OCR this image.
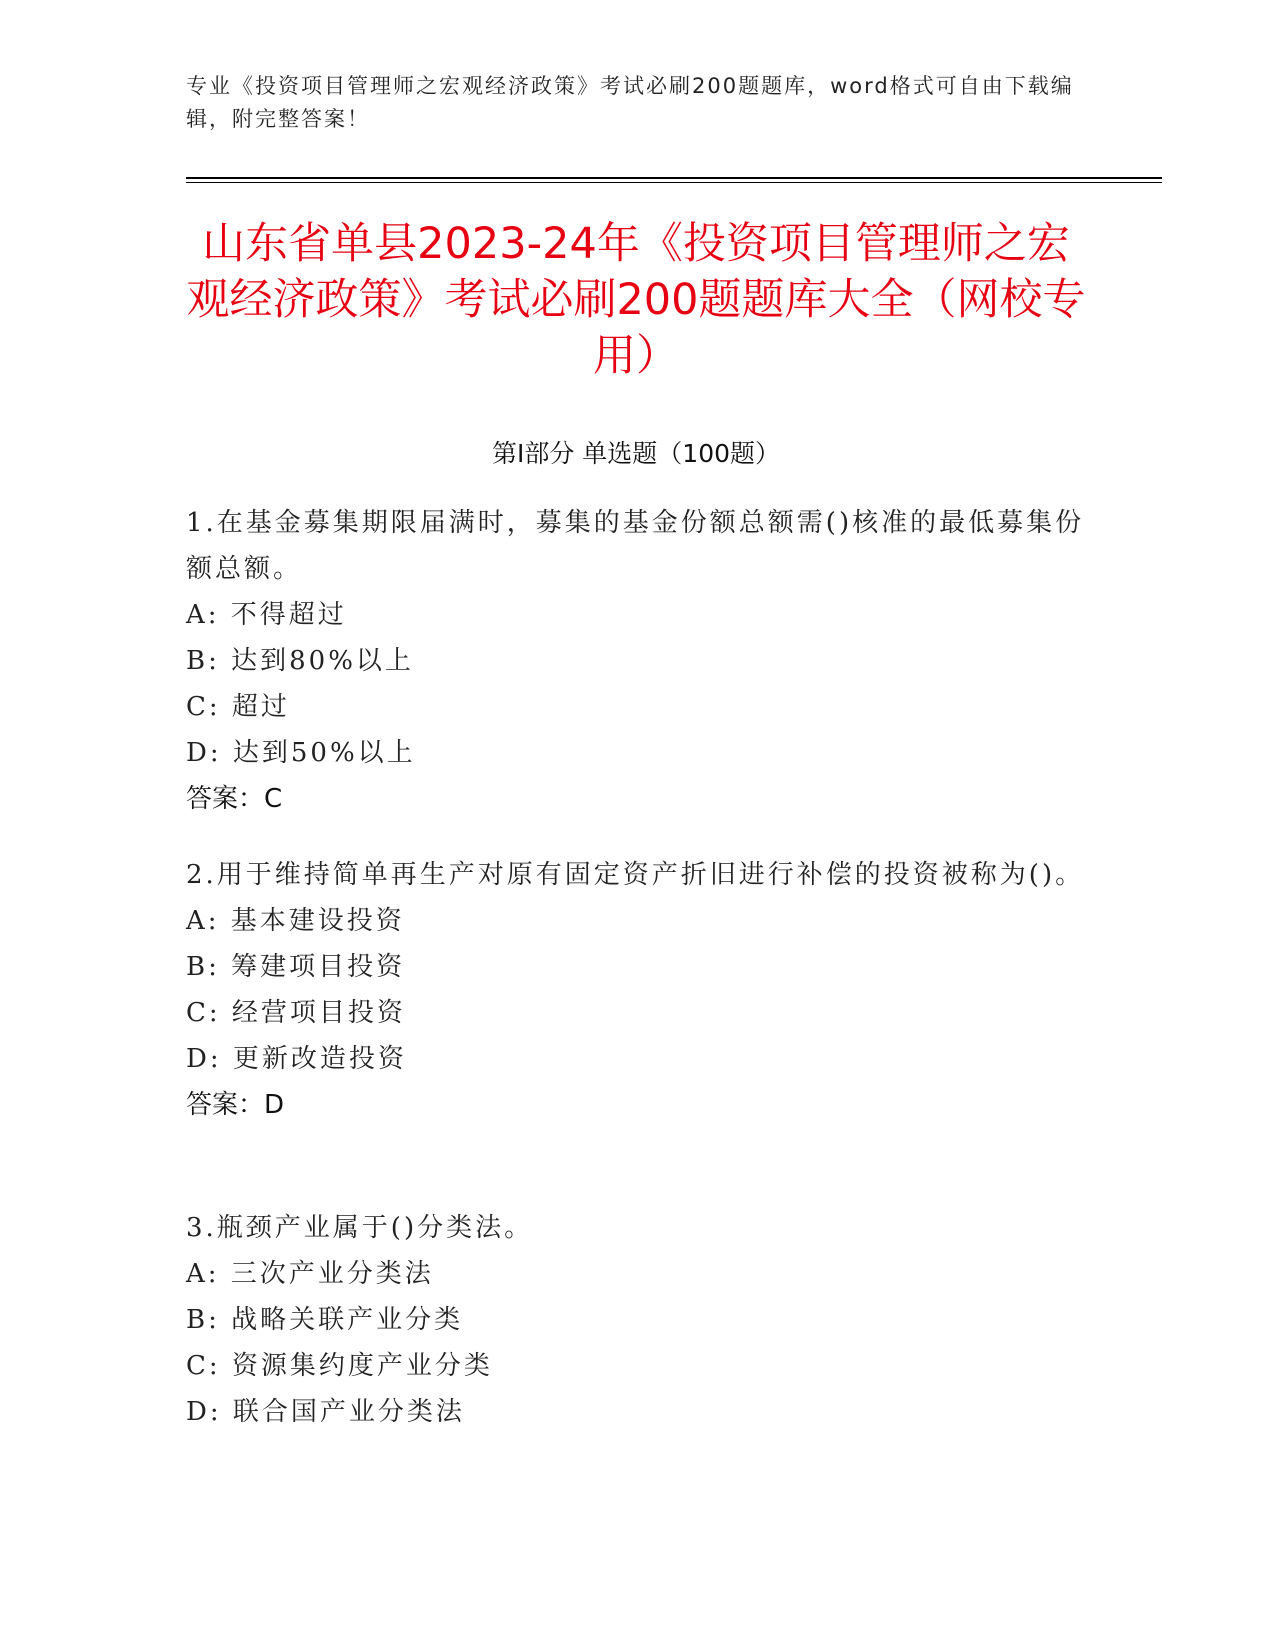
专业《投资项目管理师之宏观经济政策》考试必刷200题题库，word格式可自由下载编辑，附完整答案！
山东省单县2023-24年《投资项目管理师之宏观经济政策》考试必刷200题题库大全（网校专用）
第I部分 单选题（100题）
1.在基金募集期限届满时，募集的基金份额总额需()核准的最低募集份额总额。
A: 不得超过
B: 达到80%以上
C: 超过
D: 达到50%以上
答案：C
2.用于维持简单再生产对原有固定资产折旧进行补偿的投资被称为()。
A: 基本建设投资
B: 筹建项目投资
C: 经营项目投资
D: 更新改造投资
答案：D
3.瓶颈产业属于()分类法。
A: 三次产业分类法
B: 战略关联产业分类
C: 资源集约度产业分类
D: 联合国产业分类法
